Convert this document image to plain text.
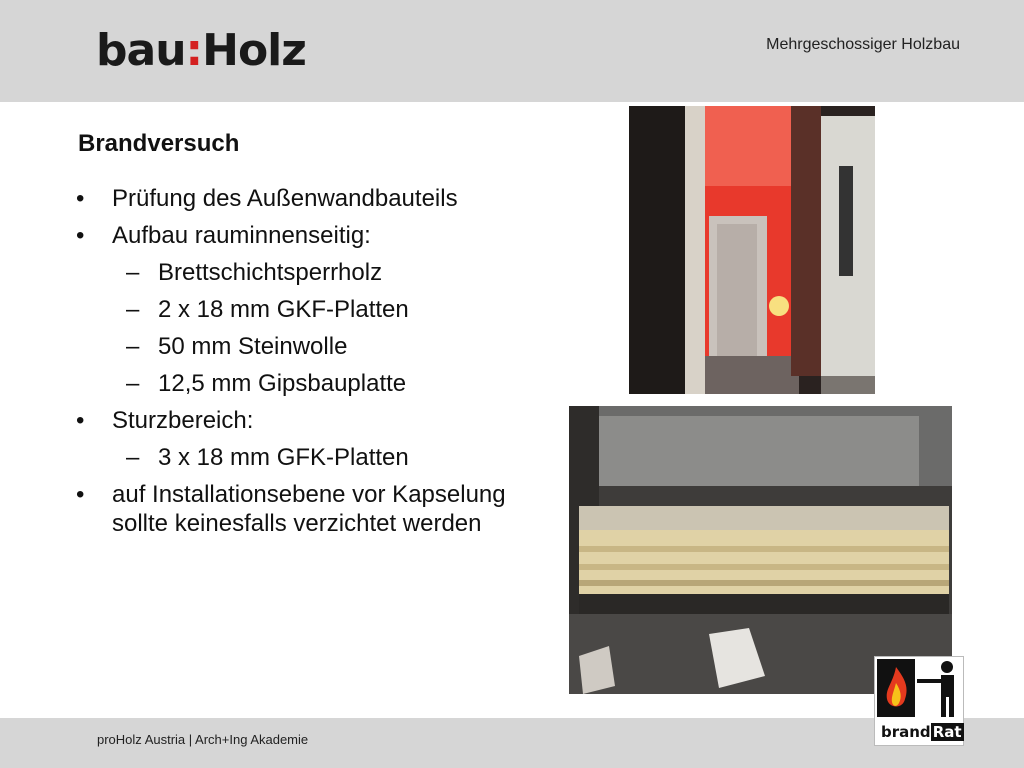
bau:Holz	Mehrgeschossiger Holzbau
Brandversuch
• Prüfung des Außenwandbauteils
• Aufbau rauminnenseitig:
– Brettschichtsperrholz
– 2 x 18 mm GKF-Platten
– 50 mm Steinwolle
– 12,5 mm Gipsbauplatte
• Sturzbereich:
– 3 x 18 mm GFK-Platten
• auf Installationsebene vor Kapselung sollte keinesfalls verzichtet werden
proHolz Austria | Arch+Ing Akademie	brand Rat
